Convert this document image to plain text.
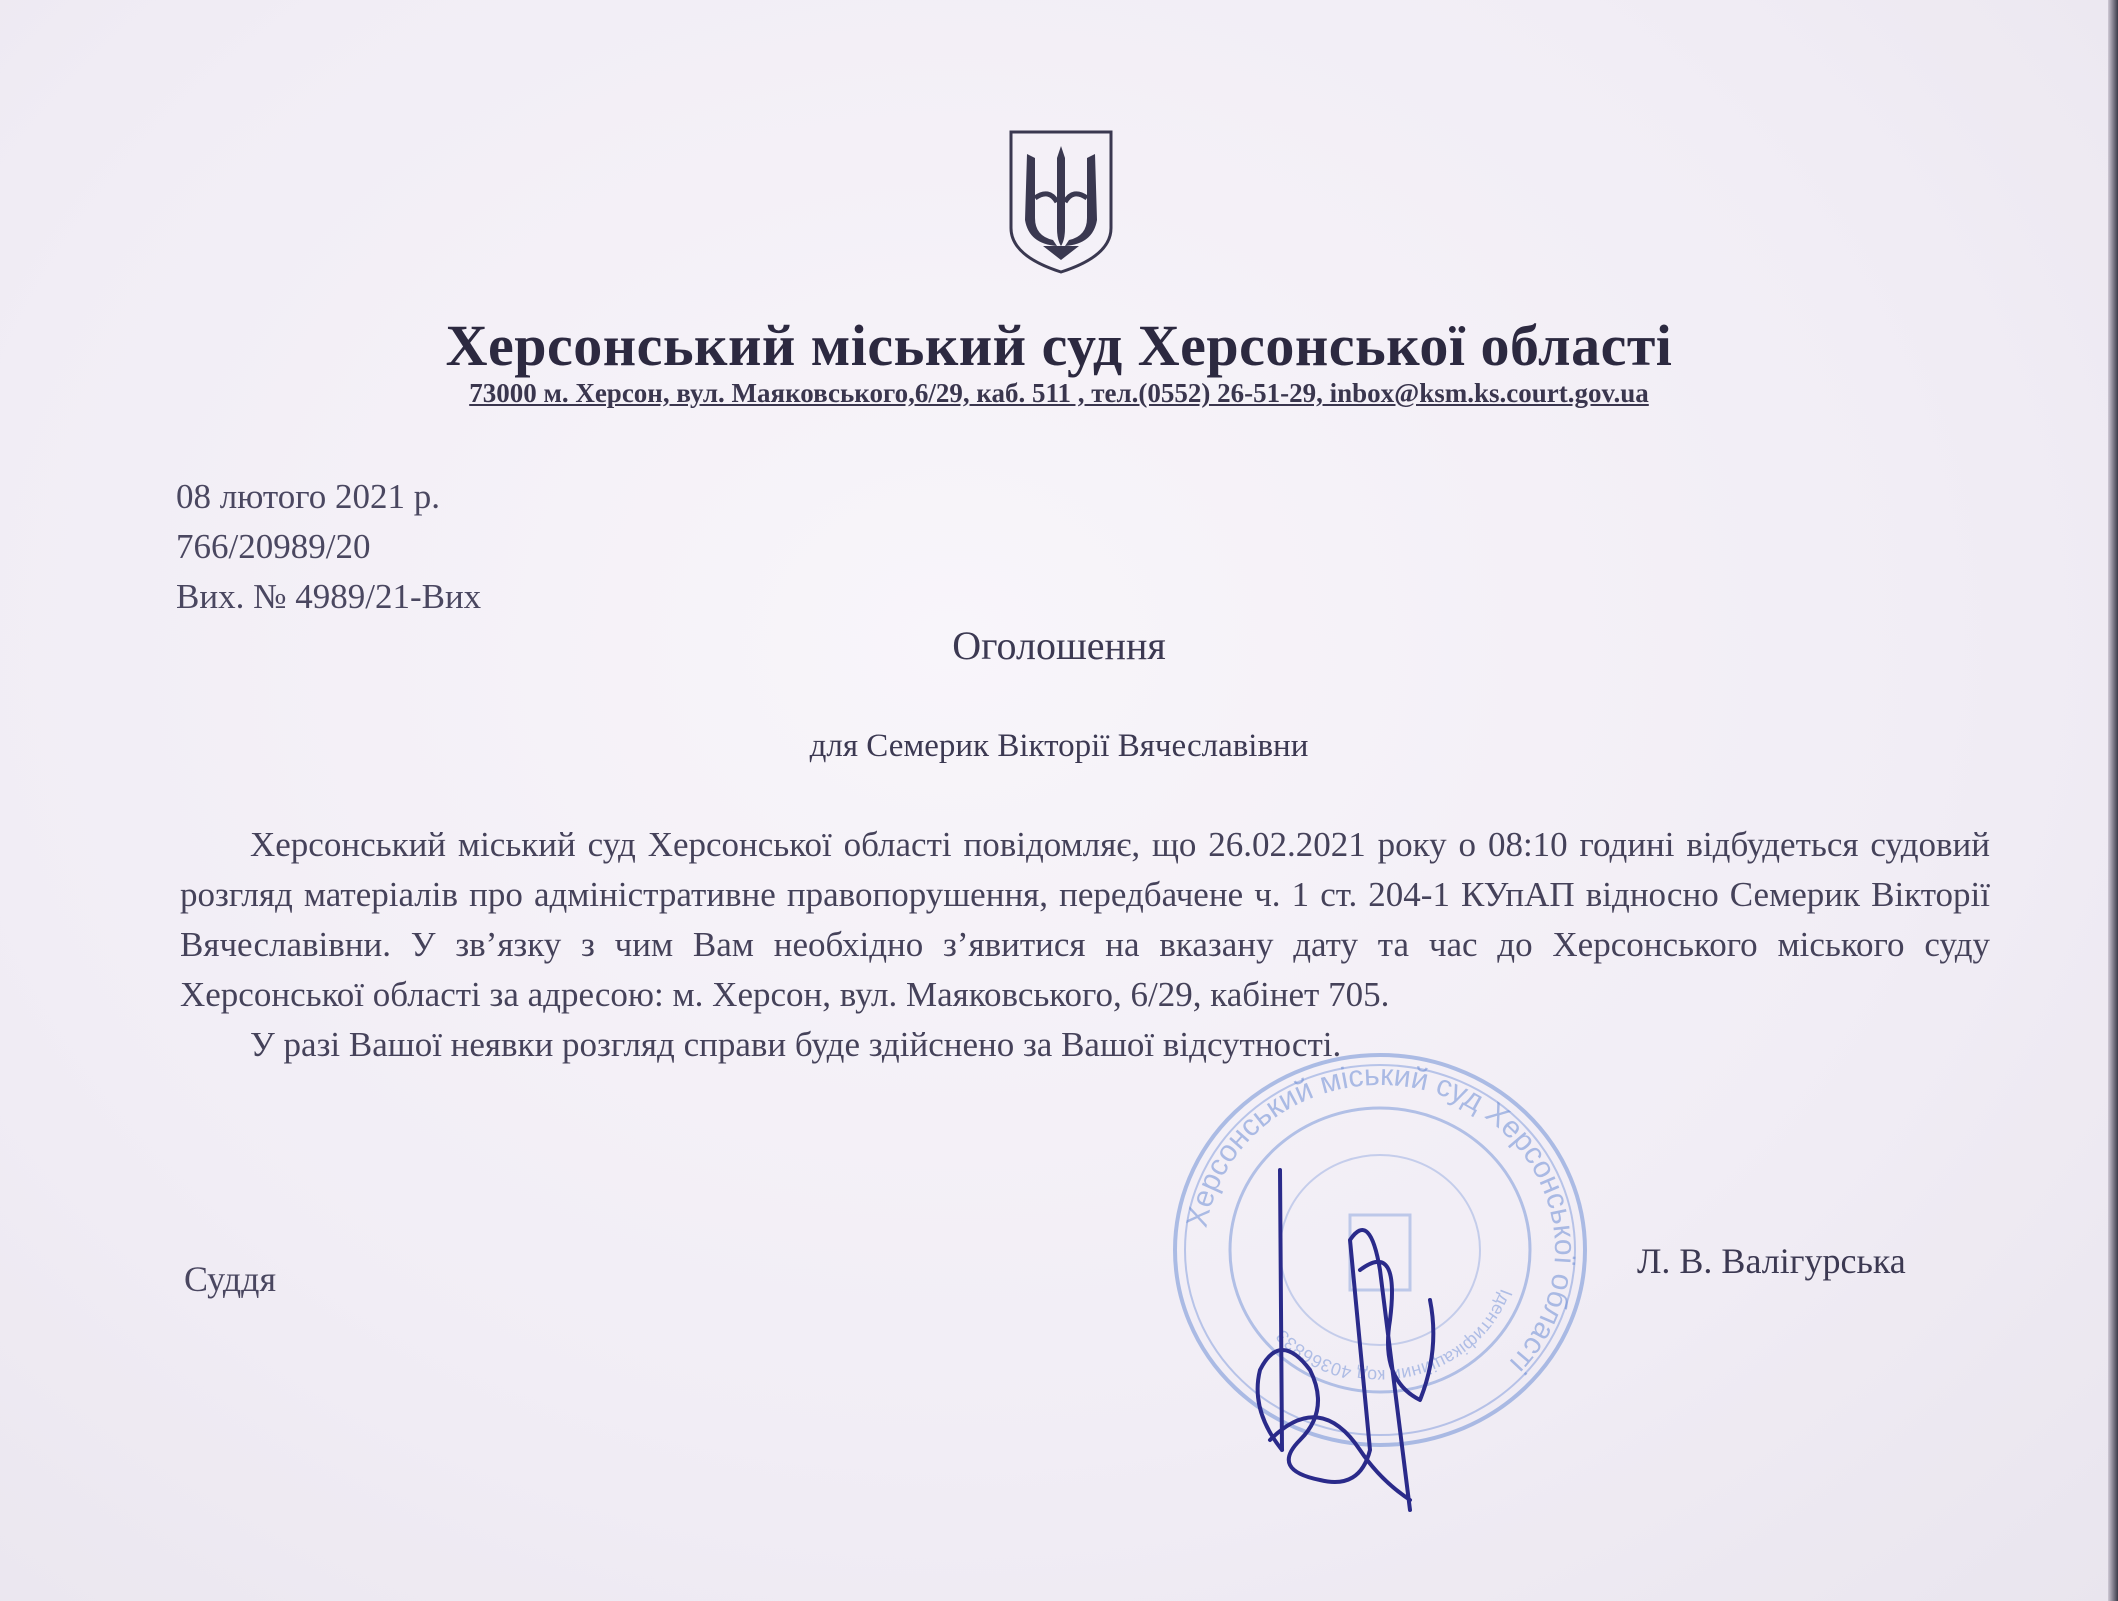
Херсонський міський суд Херсонської області
73000 м. Херсон, вул. Маяковського,6/29, каб. 511 , тел.(0552) 26-51-29, inbox@ksm.ks.court.gov.ua
08 лютого 2021 р.
766/20989/20
Вих. № 4989/21-Вих
Оголошення
для Семерик Вікторії Вячеславівни

Херсонський міський суд Херсонської області повідомляє, що 26.02.2021 року о 08:10 годині відбудеться судовий розгляд матеріалів про адміністративне правопорушення, передбачене ч. 1 ст. 204-1 КУпАП відносно Семерик Вікторії Вячеславівни. У зв’язку з чим Вам необхідно з’явитися на вказану дату та час до Херсонського міського суду Херсонської області за адресою: м. Херсон, вул. Маяковського, 6/29, кабінет 705.

У разі Вашої неявки розгляд справи буде здійснено за Вашої відсутності.

Суддя	Л. В. Валігурська
Херсонський міський суд Херсонської області
Ідентифікаційний код 40366833
